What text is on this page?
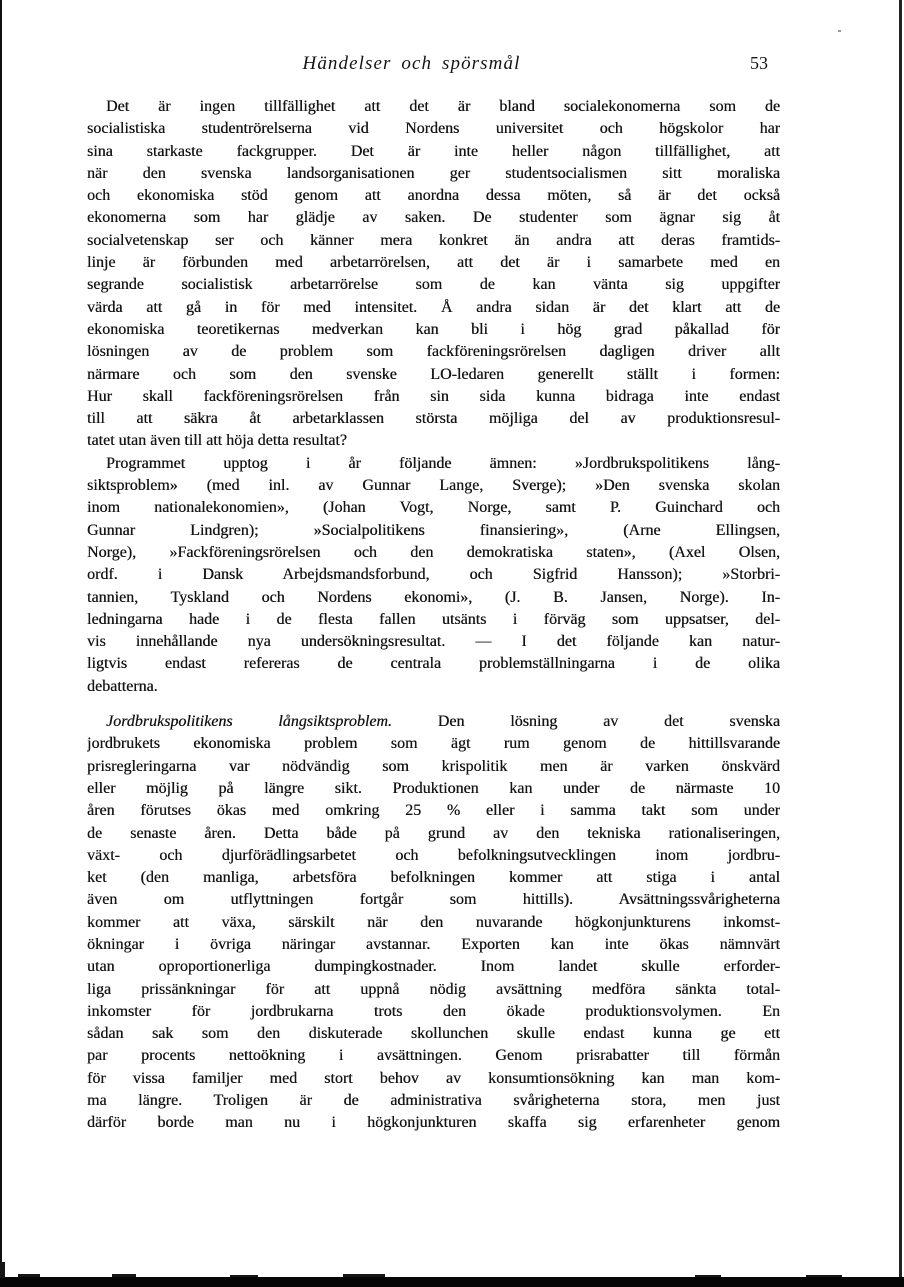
Händelser och spörsmål	53
Det är ingen tillfällighet att det är bland socialekonomerna som de
socialistiska studentrörelserna vid Nordens universitet och högskolor har
sina starkaste fackgrupper. Det är inte heller någon tillfällighet, att
när den svenska landsorganisationen ger studentsocialismen sitt moraliska
och ekonomiska stöd genom att anordna dessa möten, så är det också
ekonomerna som har glädje av saken. De studenter som ägnar sig åt
socialvetenskap ser och känner mera konkret än andra att deras framtids-
linje är förbunden med arbetarrörelsen, att det är i samarbete med en
segrande socialistisk arbetarrörelse som de kan vänta sig uppgifter
värda att gå in för med intensitet. Å andra sidan är det klart att de
ekonomiska teoretikernas medverkan kan bli i hög grad påkallad för
lösningen av de problem som fackföreningsrörelsen dagligen driver allt
närmare och som den svenske LO-ledaren generellt ställt i formen:
Hur skall fackföreningsrörelsen från sin sida kunna bidraga inte endast
till att säkra åt arbetarklassen största möjliga del av produktionsresul-
tatet utan även till att höja detta resultat?
Programmet upptog i år följande ämnen: »Jordbrukspolitikens lång-
siktsproblem» (med inl. av Gunnar Lange, Sverge); »Den svenska skolan
inom nationalekonomien», (Johan Vogt, Norge, samt P. Guinchard och
Gunnar Lindgren); »Socialpolitikens finansiering», (Arne Ellingsen,
Norge), »Fackföreningsrörelsen och den demokratiska staten», (Axel Olsen,
ordf. i Dansk Arbejdsmandsforbund, och Sigfrid Hansson); »Storbri-
tannien, Tyskland och Nordens ekonomi», (J. B. Jansen, Norge). In-
ledningarna hade i de flesta fallen utsänts i förväg som uppsatser, del-
vis innehållande nya undersökningsresultat. — I det följande kan natur-
ligtvis endast refereras de centrala problemställningarna i de olika
debatterna.
Jordbrukspolitikens långsiktsproblem. Den lösning av det svenska
jordbrukets ekonomiska problem som ägt rum genom de hittillsvarande
prisregleringarna var nödvändig som krispolitik men är varken önskvärd
eller möjlig på längre sikt. Produktionen kan under de närmaste 10
åren förutses ökas med omkring 25 % eller i samma takt som under
de senaste åren. Detta både på grund av den tekniska rationaliseringen,
växt- och djurförädlingsarbetet och befolkningsutvecklingen inom jordbru-
ket (den manliga, arbetsföra befolkningen kommer att stiga i antal
även om utflyttningen fortgår som hittills). Avsättningssvårigheterna
kommer att växa, särskilt när den nuvarande högkonjunkturens inkomst-
ökningar i övriga näringar avstannar. Exporten kan inte ökas nämnvärt
utan oproportionerliga dumpingkostnader. Inom landet skulle erforder-
liga prissänkningar för att uppnå nödig avsättning medföra sänkta total-
inkomster för jordbrukarna trots den ökade produktionsvolymen. En
sådan sak som den diskuterade skollunchen skulle endast kunna ge ett
par procents nettoökning i avsättningen. Genom prisrabatter till förmån
för vissa familjer med stort behov av konsumtionsökning kan man kom-
ma längre. Troligen är de administrativa svårigheterna stora, men just
därför borde man nu i högkonjunkturen skaffa sig erfarenheter genom
